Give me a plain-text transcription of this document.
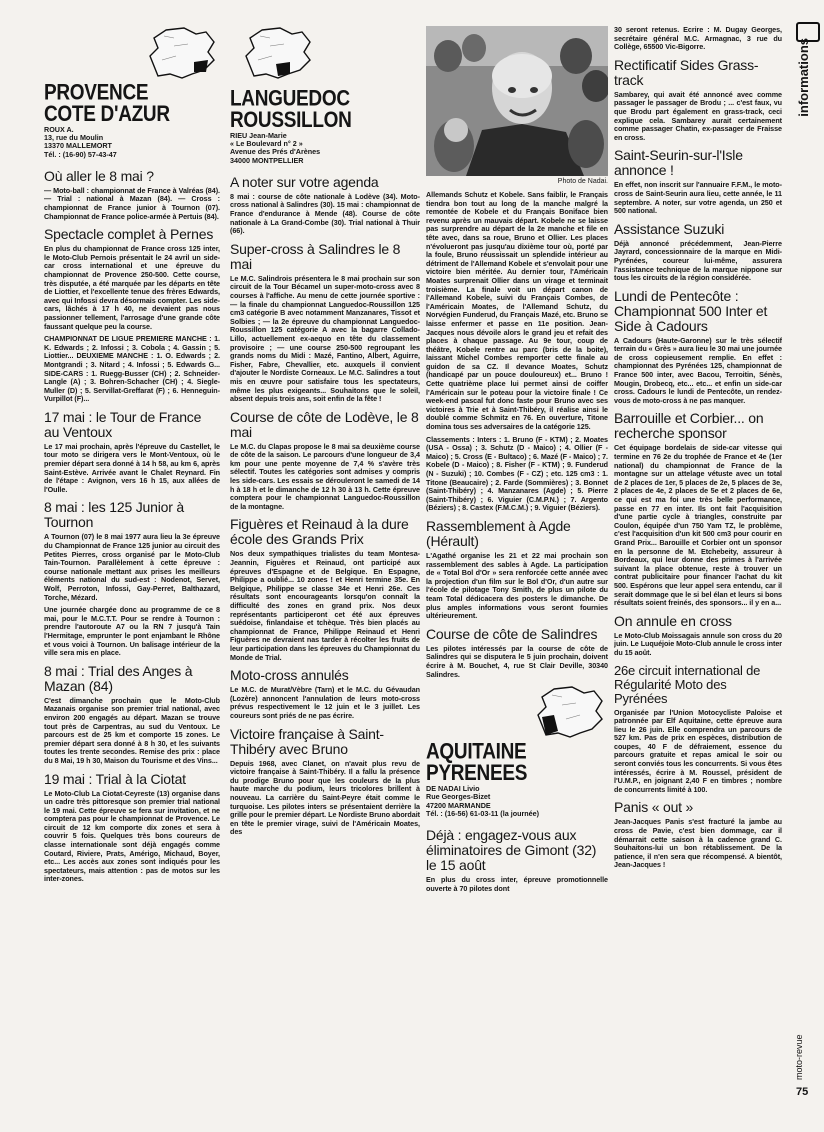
PROVENCE
COTE D'AZUR
ROUX A.
13, rue du Moulin
13370 MALLEMORT
Tél. : (16-90) 57-43-47
Où aller le 8 mai ?

— Moto-ball : championnat de France à Valréas (84). — Trial : national à Mazan (84). — Cross : championnat de France junior à Tournon (07). Championnat de France police-armée à Pertuis (84).

Spectacle complet à Pernes

En plus du championnat de France cross 125 inter, le Moto-Club Pernois présentait le 24 avril un side-car cross international et une épreuve du championnat de Provence 250-500. Cette course, très disputée, a été marquée par les départs en tête de Liottier, et l'excellente tenue des frères Edwards, avec qui Infossi devra désormais compter. Les side-cars, lâchés à 17 h 40, ne devaient pas nous passionner tellement, l'arrosage d'une grande côte faussant quelque peu la course.

CHAMPIONNAT DE LIGUE PREMIERE MANCHE : 1. K. Edwards ; 2. Infossi ; 3. Cobola ; 4. Gassin ; 5. Liottier... DEUXIEME MANCHE : 1. O. Edwards ; 2. Montgrandi ; 3. Nitard ; 4. Infossi ; 5. Edwards G... SIDE-CARS : 1. Ruegg-Busser (CH) ; 2. Schneider-Langle (A) ; 3. Bohren-Schacher (CH) ; 4. Siegle-Muller (D) ; 5. Servillat-Greffarat (F) ; 6. Henneguin-Vurpillot (F)...

17 mai : le Tour de France au Ventoux

Le 17 mai prochain, après l'épreuve du Castellet, le tour moto se dirigera vers le Mont-Ventoux, où le premier départ sera donné à 14 h 58, au km 6, après Saint-Estève. Arrivée avant le Chalet Reynard. Fin de l'étape : Avignon, vers 16 h 15, aux allées de l'Oulle.

8 mai : les 125 Junior à Tournon

A Tournon (07) le 8 mai 1977 aura lieu la 3e épreuve du Championnat de France 125 junior au circuit des Petites Pierres, cross organisé par le Moto-Club Tain-Tournon. Parallèlement à cette épreuve : course nationale mettant aux prises les meilleurs éléments national du sud-est : Nodenot, Servet, Wolf, Perroton, Infossi, Gay-Perret, Balthazard, Torche, Mézard.

Une journée chargée donc au programme de ce 8 mai, pour le M.C.T.T. Pour se rendre à Tournon : prendre l'autoroute A7 ou la RN 7 jusqu'à Tain l'Hermitage, emprunter le pont enjambant le Rhône et vous voici à Tournon. Un balisage intérieur de la ville sera mis en place.

8 mai : Trial des Anges à Mazan (84)

C'est dimanche prochain que le Moto-Club Mazanais organise son premier trial national, avec environ 200 engagés au départ. Mazan se trouve tout près de Carpentras, au sud du Ventoux. Le parcours est de 25 km et comporte 15 zones. Le premier départ sera donné à 8 h 30, et les suivants toutes les trente secondes. Remise des prix : place du 8 Mai, 19 h 30, Maison du Tourisme et des Vins...

19 mai : Trial à la Ciotat

Le Moto-Club La Ciotat-Ceyreste (13) organise dans un cadre très pittoresque son premier trial national le 19 mai. Cette épreuve se fera sur invitation, et ne comptera pas pour le championnat de Provence. Le circuit de 12 km comporte dix zones et sera à couvrir 5 fois. Quelques très bons coureurs de classe internationale sont déjà engagés comme Coutard, Riviere, Prats, Amérigo, Michaud, Boyer, etc... Les accès aux zones sont indiqués pour les spectateurs, mais attention : pas de motos sur les inter-zones.

LANGUEDOC
ROUSSILLON
RIEU Jean-Marie
« Le Boulevard n° 2 »
Avenue des Prés d'Arènes
34000 MONTPELLIER
A noter sur votre agenda

8 mai : course de côte nationale à Lodève (34). Moto-cross national à Salindres (30). 15 mai : championnat de France d'endurance à Mende (48). Course de côte nationale à La Grand-Combe (30). Trial national à Thuir (66).

Super-cross à Salindres le 8 mai

Le M.C. Salindrois présentera le 8 mai prochain sur son circuit de la Tour Bécamel un super-moto-cross avec 8 courses à l'affiche. Au menu de cette journée sportive : — la finale du championnat Languedoc-Roussillon 125 cm3 catégorie B avec notamment Manzanares, Tissot et Solbies ; — la 2e épreuve du championnat Languedoc-Roussillon 125 catégorie A avec la bagarre Collado-Lillo, actuellement ex-aequo en tête du classement provisoire ; — une course 250-500 regroupant les grands noms du Midi : Mazé, Fantino, Albert, Aguirre, Fisher, Fabre, Chevallier, etc. auxquels il convient d'ajouter le Nordiste Corneaux. Le M.C. Salindres a tout mis en œuvre pour satisfaire tous les spectateurs, même les plus exigeants... Souhaitons que le soleil, absent depuis trois ans, soit enfin de la fête !

Course de côte de Lodève, le 8 mai

Le M.C. du Clapas propose le 8 mai sa deuxième course de côte de la saison. Le parcours d'une longueur de 3,4 km pour une pente moyenne de 7,4 % s'avère très sélectif. Toutes les catégories sont admises y compris les side-cars. Les essais se dérouleront le samedi de 14 h à 18 h et le dimanche de 12 h 30 à 13 h. Cette épreuve comptera pour le championnat Languedoc-Roussillon de la montagne.

Figuères et Reinaud à la dure école des Grands Prix

Nos deux sympathiques trialistes du team Montesa-Jeannin, Figuères et Reinaud, ont participé aux épreuves d'Espagne et de Belgique. En Espagne, Philippe a oublié... 10 zones ! et Henri termine 35e. En Belgique, Philippe se classe 34e et Henri 26e. Ces résultats sont encourageants lorsqu'on connaît la difficulté des zones en grand prix. Nos deux représentants participeront cet été aux épreuves suédoise, finlandaise et tchèque. Très bien placés au championnat de France, Philippe Reinaud et Henri Figuères ne devraient nas tarder à récolter les fruits de leur participation dans les épreuves du Championnat du Monde de Trial.

Moto-cross annulés

Le M.C. de Murat/Vèbre (Tarn) et le M.C. du Gévaudan (Lozère) annoncent l'annulation de leurs moto-cross prévus respectivement le 12 juin et le 3 juillet. Les coureurs sont priés de ne pas écrire.

Victoire française à Saint-Thibéry avec Bruno

Depuis 1968, avec Clanet, on n'avait plus revu de victoire française à Saint-Thibéry. Il a fallu la présence du prodige Bruno pour que les couleurs de la plus haute marche du podium, leurs tricolores brillent à nouveau. La carrière du Saint-Peyre était comme le turquoise. Les pilotes inters se présentaient derrière la grille pour le premier départ. Le Nordiste Bruno abordait en tête le premier virage, suivi de l'Américain Moates, des

Photo de Nadai.

Allemands Schutz et Kobele. Sans faiblir, le Français tiendra bon tout au long de la manche malgré la remontée de Kobele et du Français Boniface bien revenu après un mauvais départ. Kobele ne se laisse pas surprendre au départ de la 2e manche et file en tête avec, dans sa roue, Bruno et Ollier. Les places n'évolueront pas jusqu'au dixième tour où, porté par la foule, Bruno réussissait un splendide intérieur au détriment de l'Allemand Kobele et s'envolait pour une victoire bien méritée. Au dernier tour, l'Américain Moates surprenait Ollier dans un virage et terminait troisième. La finale voit un départ canon de l'Allemand Kobele, suivi du Français Combes, de l'Américain Moates, de l'Allemand Schutz, du Norvégien Funderud, du Français Mazé, etc. Bruno se laisse enfermer et passe en 11e position. Jean-Jacques nous dévoile alors le grand jeu et refait des places à chaque passage. Au 9e tour, coup de théâtre, Kobele rentre au parc (bris de la boite), laissant Michel Combes remporter cette finale au guidon de sa CZ. Il devance Moates, Schutz (handicapé par un pouce douloureux) et... Bruno ! Cette quatrième place lui permet ainsi de coiffer l'Américain sur le poteau pour la victoire finale ! Ce week-end pascal fut donc faste pour Bruno avec ses victoires à Trie et à Saint-Thibéry, il réalise ainsi le doublé comme Schmitz en 76. En ouverture, Titone domina tous ses adversaires de la catégorie 125.

Classements : Inters : 1. Bruno (F - KTM) ; 2. Moates (USA - Ossa) ; 3. Schutz (D - Maico) ; 4. Ollier (F - Maico) ; 5. Cross (E - Bultaco) ; 6. Mazé (F - Maico) ; 7. Kobele (D - Maico) ; 8. Fisher (F - KTM) ; 9. Funderud (N - Suzuki) ; 10. Combes (F - CZ) ; etc. 125 cm3 : 1. Titone (Beaucaire) ; 2. Farde (Sommières) ; 3. Bonnet (Saint-Thibéry) ; 4. Manzanares (Agde) ; 5. Pierre (Saint-Thibéry) ; 6. Viguier (C.M.P.N.) ; 7. Argento (Béziers) ; 8. Castex (F.M.C.M.) ; 9. Viguier (Béziers).

Rassemblement à Agde (Hérault)

L'Agathé organise les 21 et 22 mai prochain son rassemblement des sables à Agde. La participation de « Total Bol d'Or » sera renforcée cette année avec la projection d'un film sur le Bol d'Or, d'un autre sur l'école de pilotage Tony Smith, de plus un pilote du team Total dédicacera des posters le dimanche. De plus amples informations vous seront fournies ultérieurement.

Course de côte de Salindres

Les pilotes intéressés par la course de côte de Salindres qui se disputera le 5 juin prochain, doivent écrire à M. Bouchet, 4, rue St Clair Deville, 30340 Salindres.

AQUITAINE
PYRENEES
DE NADAI Livio
Rue Georges-Bizet
47200 MARMANDE
Tél. : (16-56) 61-03-11 (la journée)
Déjà : engagez-vous aux éliminatoires de Gimont (32) le 15 août

En plus du cross inter, épreuve promotionnelle ouverte à 70 pilotes dont

30 seront retenus. Ecrire : M. Dugay Georges, secrétaire général M.C. Armagnac, 3 rue du Collège, 65500 Vic-Bigorre.

Rectificatif Sides Grass-track

Sambarey, qui avait été annoncé avec comme passager le passager de Brodu ; ... c'est faux, vu que Brodu part également en grass-track, ceci explique cela. Sambarey aurait certainement comme passager Chatin, ex-passager de Fraisse en cross.

Saint-Seurin-sur-l'Isle annonce !

En effet, non inscrit sur l'annuaire F.F.M., le moto-cross de Saint-Seurin aura lieu, cette année, le 11 septembre. A noter, sur votre agenda, un 250 et 500 national.

Assistance Suzuki

Déjà annoncé précédemment, Jean-Pierre Jayrard, concessionnaire de la marque en Midi-Pyrénées, coureur lui-même, assurera l'assistance technique de la marque nippone sur tous les circuits de la région considérée.

Lundi de Pentecôte : Championnat 500 Inter et Side à Cadours

A Cadours (Haute-Garonne) sur le très sélectif terrain du « Grès » aura lieu le 30 mai une journée de cross copieusement remplie. En effet : championnat des Pyrénées 125, championnat de France 500 inter, avec Bacou, Terroitin, Sénès, Mougin, Drobecq, etc... etc... et enfin un side-car cross. Cadours le lundi de Pentecôte, un rendez-vous de moto-cross à ne pas manquer.

Barrouille et Corbier... on recherche sponsor

Cet équipage bordelais de side-car vitesse qui termine en 76 2e du trophée de France et 4e (1er national) du championnat de France de la montagne sur un attelage vétuste avec un total de 2 places de 1er, 5 places de 2e, 5 places de 3e, 2 places de 4e, 2 places de 5e et 2 places de 6e, ce qui est ma foi une très belle performance, passe en 77 en inter. Ils ont fait l'acquisition d'une partie cycle à triangles, construite par Coulon, équipée d'un 750 Yam TZ, le problème, c'est l'acquisition d'un kit 500 cm3 pour courir en Grand Prix... Barouille et Corbier ont un sponsor en la personne de M. Etchebeity, assureur à Bordeaux, qui leur donne des primes à l'arrivée suivant la place obtenue, reste à trouver un contrat publicitaire pour financer l'achat du kit 500. Espérons que leur appel sera entendu, car il serait dommage que le si bel élan et leurs si bons résultats soient freinés, des sponsors... il y en a...

On annule en cross

Le Moto-Club Moissagais annule son cross du 20 juin. Le Luquéjoie Moto-Club annule le cross inter du 15 août.

26e circuit international de Régularité Moto des Pyrénées

Organisée par l'Union Motocycliste Paloise et patronnée par Elf Aquitaine, cette épreuve aura lieu le 26 juin. Elle comprendra un parcours de 527 km. Pas de prix en espèces, distribution de coupes, 40 F de défraiement, essence du parcours gratuite et repas amical le soir ou seront conviés tous les concurrents. Si vous êtes intéressés, écrire à M. Roussel, président de l'U.M.P., en joignant 2,40 F en timbres ; nombre de concurrents limité à 100.

Panis « out »

Jean-Jacques Panis s'est fracturé la jambe au cross de Pavie, c'est bien dommage, car il démarrait cette saison à la cadence grand C. Souhaitons-lui un bon rétablissement. De la patience, il n'en sera que récompensé. A bientôt, Jean-Jacques !

informations
moto-revue
75
